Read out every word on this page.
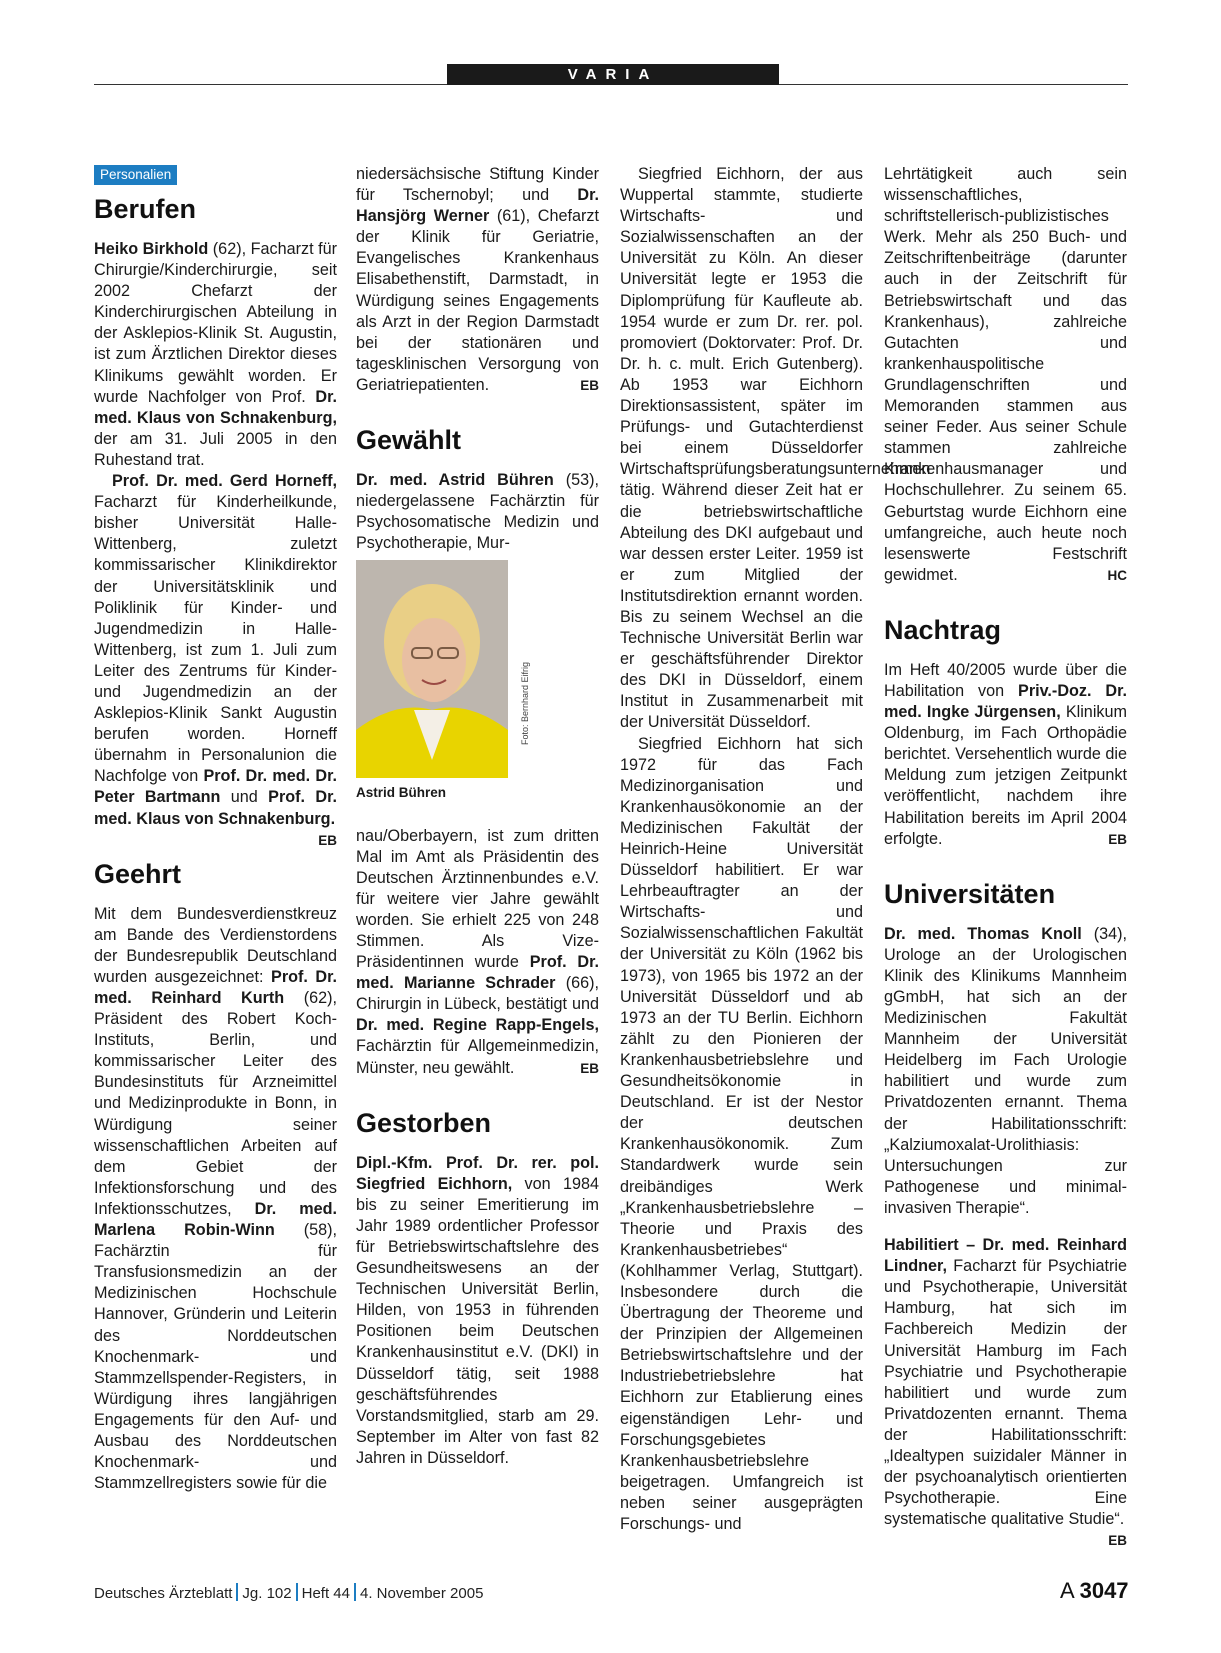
VARIA
Personalien
Berufen

Heiko Birkhold (62), Facharzt für Chirurgie/Kinderchirurgie, seit 2002 Chefarzt der Kinderchirurgischen Abteilung in der Asklepios-Klinik St. Augustin, ist zum Ärztlichen Direktor dieses Klinikums gewählt worden. Er wurde Nachfolger von Prof. Dr. med. Klaus von Schnakenburg, der am 31. Juli 2005 in den Ruhestand trat.

Prof. Dr. med. Gerd Horneff, Facharzt für Kinderheilkunde, bisher Universität Halle-Wittenberg, zuletzt kommissarischer Klinikdirektor der Universitätsklinik und Poliklinik für Kinder- und Jugendmedizin in Halle-Wittenberg, ist zum 1. Juli zum Leiter des Zentrums für Kinder- und Jugendmedizin an der Asklepios-Klinik Sankt Augustin berufen worden. Horneff übernahm in Personalunion die Nachfolge von Prof. Dr. med. Dr. Peter Bartmann und Prof. Dr. med. Klaus von Schnakenburg.
EB

Geehrt

Mit dem Bundesverdienstkreuz am Bande des Verdienstordens der Bundesrepublik Deutschland wurden ausgezeichnet: Prof. Dr. med. Reinhard Kurth (62), Präsident des Robert Koch-Instituts, Berlin, und kommissarischer Leiter des Bundesinstituts für Arzneimittel und Medizinprodukte in Bonn, in Würdigung seiner wissenschaftlichen Arbeiten auf dem Gebiet der Infektionsforschung und des Infektionsschutzes, Dr. med. Marlena Robin-Winn (58), Fachärztin für Transfusionsmedizin an der Medizinischen Hochschule Hannover, Gründerin und Leiterin des Norddeutschen Knochenmark- und Stammzellspender-Registers, in Würdigung ihres langjährigen Engagements für den Auf- und Ausbau des Norddeutschen Knochenmark- und Stammzellregisters sowie für die

niedersächsische Stiftung Kinder für Tschernobyl; und Dr. Hansjörg Werner (61), Chefarzt der Klinik für Geriatrie, Evangelisches Krankenhaus Elisabethenstift, Darmstadt, in Würdigung seines Engagements als Arzt in der Region Darmstadt bei der stationären und tagesklinischen Versorgung von Geriatriepatienten.	EB

Gewählt

Dr. med. Astrid Bühren (53), niedergelassene Fachärztin für Psychosomatische Medizin und Psychotherapie, Mur-

Astrid Bühren

nau/Oberbayern, ist zum dritten Mal im Amt als Präsidentin des Deutschen Ärztinnenbundes e.V. für weitere vier Jahre gewählt worden. Sie erhielt 225 von 248 Stimmen. Als Vize-Präsidentinnen wurde Prof. Dr. med. Marianne Schrader (66), Chirurgin in Lübeck, bestätigt und Dr. med. Regine Rapp-Engels, Fachärztin für Allgemeinmedizin, Münster, neu gewählt.	EB

Gestorben

Dipl.-Kfm. Prof. Dr. rer. pol. Siegfried Eichhorn, von 1984 bis zu seiner Emeritierung im Jahr 1989 ordentlicher Professor für Betriebswirtschaftslehre des Gesundheitswesens an der Technischen Universität Berlin, Hilden, von 1953 in führenden Positionen beim Deutschen Krankenhausinstitut e.V. (DKI) in Düsseldorf tätig, seit 1988 geschäftsführendes Vorstandsmitglied, starb am 29. September im Alter von fast 82 Jahren in Düsseldorf.

Foto: Bernhard Eifrig

Siegfried Eichhorn, der aus Wuppertal stammte, studierte Wirtschafts- und Sozialwissenschaften an der Universität zu Köln. An dieser Universität legte er 1953 die Diplomprüfung für Kaufleute ab. 1954 wurde er zum Dr. rer. pol. promoviert (Doktorvater: Prof. Dr. Dr. h. c. mult. Erich Gutenberg). Ab 1953 war Eichhorn Direktionsassistent, später im Prüfungs- und Gutachterdienst bei einem Düsseldorfer Wirtschaftsprüfungsberatungsunternehmen tätig. Während dieser Zeit hat er die betriebswirtschaftliche Abteilung des DKI aufgebaut und war dessen erster Leiter. 1959 ist er zum Mitglied der Institutsdirektion ernannt worden. Bis zu seinem Wechsel an die Technische Universität Berlin war er geschäftsführender Direktor des DKI in Düsseldorf, einem Institut in Zusammenarbeit mit der Universität Düsseldorf.

Siegfried Eichhorn hat sich 1972 für das Fach Medizinorganisation und Krankenhausökonomie an der Medizinischen Fakultät der Heinrich-Heine Universität Düsseldorf habilitiert. Er war Lehrbeauftragter an der Wirtschafts- und Sozialwissenschaftlichen Fakultät der Universität zu Köln (1962 bis 1973), von 1965 bis 1972 an der Universität Düsseldorf und ab 1973 an der TU Berlin. Eichhorn zählt zu den Pionieren der Krankenhausbetriebslehre und Gesundheitsökonomie in Deutschland. Er ist der Nestor der deutschen Krankenhausökonomik. Zum Standardwerk wurde sein dreibändiges Werk „Krankenhausbetriebslehre – Theorie und Praxis des Krankenhausbetriebes“ (Kohlhammer Verlag, Stuttgart). Insbesondere durch die Übertragung der Theoreme und der Prinzipien der Allgemeinen Betriebswirtschaftslehre und der Industriebetriebslehre hat Eichhorn zur Etablierung eines eigenständigen Lehr- und Forschungsgebietes Krankenhausbetriebslehre beigetragen. Umfangreich ist neben seiner ausgeprägten Forschungs- und

Lehrtätigkeit auch sein wissenschaftliches, schriftstellerisch-publizistisches Werk. Mehr als 250 Buch- und Zeitschriftenbeiträge (darunter auch in der Zeitschrift für Betriebswirtschaft und das Krankenhaus), zahlreiche Gutachten und krankenhauspolitische Grundlagenschriften und Memoranden stammen aus seiner Feder. Aus seiner Schule stammen zahlreiche Krankenhausmanager und Hochschullehrer. Zu seinem 65. Geburtstag wurde Eichhorn eine umfangreiche, auch heute noch lesenswerte Festschrift gewidmet.	HC

Nachtrag

Im Heft 40/2005 wurde über die Habilitation von Priv.-Doz. Dr. med. Ingke Jürgensen, Klinikum Oldenburg, im Fach Orthopädie berichtet. Versehentlich wurde die Meldung zum jetzigen Zeitpunkt veröffentlicht, nachdem ihre Habilitation bereits im April 2004 erfolgte.	EB

Universitäten

Dr. med. Thomas Knoll (34), Urologe an der Urologischen Klinik des Klinikums Mannheim gGmbH, hat sich an der Medizinischen Fakultät Mannheim der Universität Heidelberg im Fach Urologie habilitiert und wurde zum Privatdozenten ernannt. Thema der Habilitationsschrift: „Kalziumoxalat-Urolithiasis: Untersuchungen zur Pathogenese und minimal-invasiven Therapie“.

Habilitiert – Dr. med. Reinhard Lindner, Facharzt für Psychiatrie und Psychotherapie, Universität Hamburg, hat sich im Fachbereich Medizin der Universität Hamburg im Fach Psychiatrie und Psychotherapie habilitiert und wurde zum Privatdozenten ernannt. Thema der Habilitationsschrift: „Idealtypen suizidaler Männer in der psychoanalytisch orientierten Psychotherapie. Eine systematische qualitative Studie“.
EB

Deutsches Ärzteblatt Jg. 102 Heft 44 4. November 2005	A 3047
